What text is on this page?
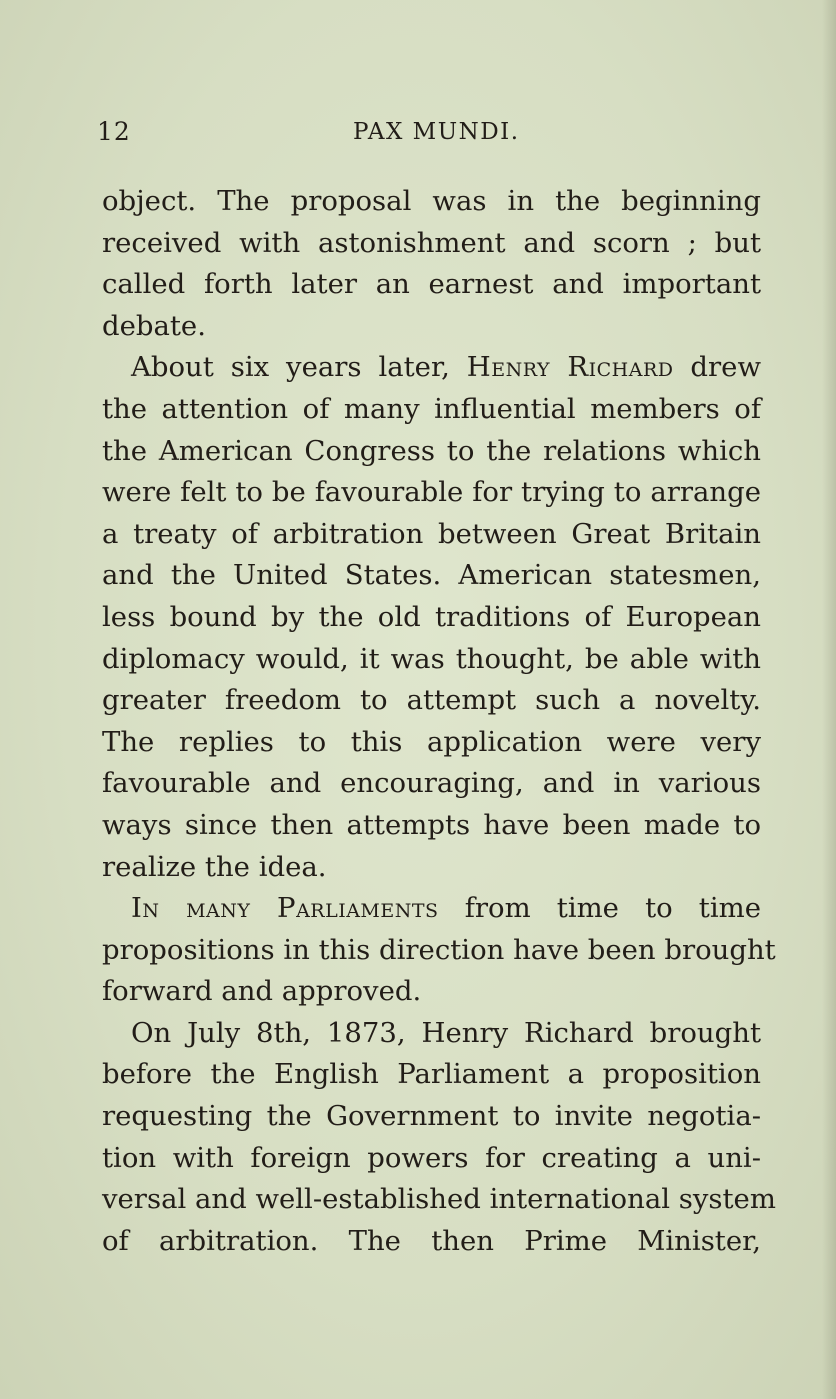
12	PAX MUNDI.
object. The proposal was in the beginning
received with astonishment and scorn ; but
called forth later an earnest and important
debate.
About six years later, Henry Richard drew
the attention of many influential members of
the American Congress to the relations which
were felt to be favourable for trying to arrange
a treaty of arbitration between Great Britain
and the United States. American statesmen,
less bound by the old traditions of European
diplomacy would, it was thought, be able with
greater freedom to attempt such a novelty.
The replies to this application were very
favourable and encouraging, and in various
ways since then attempts have been made to
realize the idea.
In many Parliaments from time to time
propositions in this direction have been brought
forward and approved.
On July 8th, 1873, Henry Richard brought
before the English Parliament a proposition
requesting the Government to invite negotia-
tion with foreign powers for creating a uni-
versal and well-established international system
of arbitration. The then Prime Minister,
